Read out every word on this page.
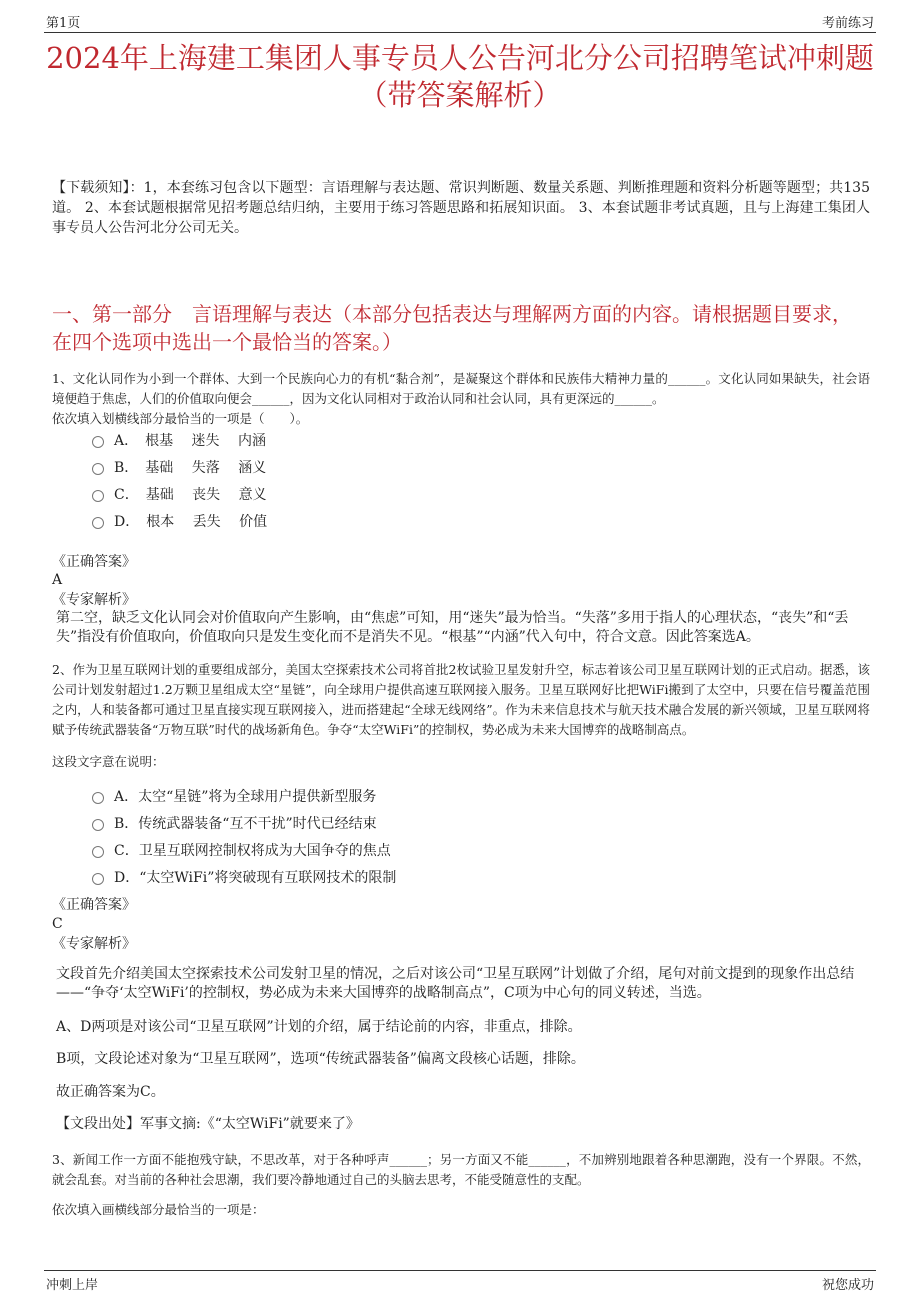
第1页	考前练习
2024年上海建工集团人事专员人公告河北分公司招聘笔试冲刺题（带答案解析）
【下载须知】：1，本套练习包含以下题型：言语理解与表达题、常识判断题、数量关系题、判断推理题和资料分析题等题型；共135道。 2、本套试题根据常见招考题总结归纳，主要用于练习答题思路和拓展知识面。 3、本套试题非考试真题，且与上海建工集团人事专员人公告河北分公司无关。
一、第一部分　言语理解与表达（本部分包括表达与理解两方面的内容。请根据题目要求，在四个选项中选出一个最恰当的答案。）
1、文化认同作为小到一个群体、大到一个民族向心力的有机“黏合剂”，是凝聚这个群体和民族伟大精神力量的______。文化认同如果缺失，社会语境便趋于焦虑，人们的价值取向便会______，因为文化认同相对于政治认同和社会认同，具有更深远的______。
依次填入划横线部分最恰当的一项是（　　）。
A．　根基　 迷失　 内涵
B．　基础　 失落　 涵义
C．　基础　 丧失　 意义
D．　根本　 丢失　 价值
《正确答案》
A
《专家解析》
第二空，缺乏文化认同会对价值取向产生影响，由“焦虑”可知，用“迷失”最为恰当。“失落”多用于指人的心理状态，“丧失”和“丢失”指没有价值取向，价值取向只是发生变化而不是消失不见。“根基”“内涵”代入句中，符合文意。因此答案选A。
2、作为卫星互联网计划的重要组成部分，美国太空探索技术公司将首批2枚试验卫星发射升空，标志着该公司卫星互联网计划的正式启动。据悉，该公司计划发射超过1.2万颗卫星组成太空“星链”，向全球用户提供高速互联网接入服务。卫星互联网好比把WiFi搬到了太空中，只要在信号覆盖范围之内，人和装备都可通过卫星直接实现互联网接入，进而搭建起“全球无线网络”。作为未来信息技术与航天技术融合发展的新兴领域，卫星互联网将赋予传统武器装备“万物互联”时代的战场新角色。争夺“太空WiFi”的控制权，势必成为未来大国博弈的战略制高点。
这段文字意在说明：
A．太空“星链”将为全球用户提供新型服务
B．传统武器装备“互不干扰”时代已经结束
C．卫星互联网控制权将成为大国争夺的焦点
D．“太空WiFi”将突破现有互联网技术的限制
《正确答案》
C
《专家解析》
文段首先介绍美国太空探索技术公司发射卫星的情况，之后对该公司“卫星互联网”计划做了介绍，尾句对前文提到的现象作出总结——“争夺‘太空WiFi’的控制权，势必成为未来大国博弈的战略制高点”，C项为中心句的同义转述，当选。
A、D两项是对该公司“卫星互联网”计划的介绍，属于结论前的内容，非重点，排除。
B项，文段论述对象为“卫星互联网”，选项“传统武器装备”偏离文段核心话题，排除。
故正确答案为C。
【文段出处】军事文摘:《“太空WiFi”就要来了》
3、新闻工作一方面不能抱残守缺，不思改革，对于各种呼声______；另一方面又不能______，不加辨别地跟着各种思潮跑，没有一个界限。不然，就会乱套。对当前的各种社会思潮，我们要冷静地通过自己的头脑去思考，不能受随意性的支配。
依次填入画横线部分最恰当的一项是：
冲刺上岸	祝您成功
